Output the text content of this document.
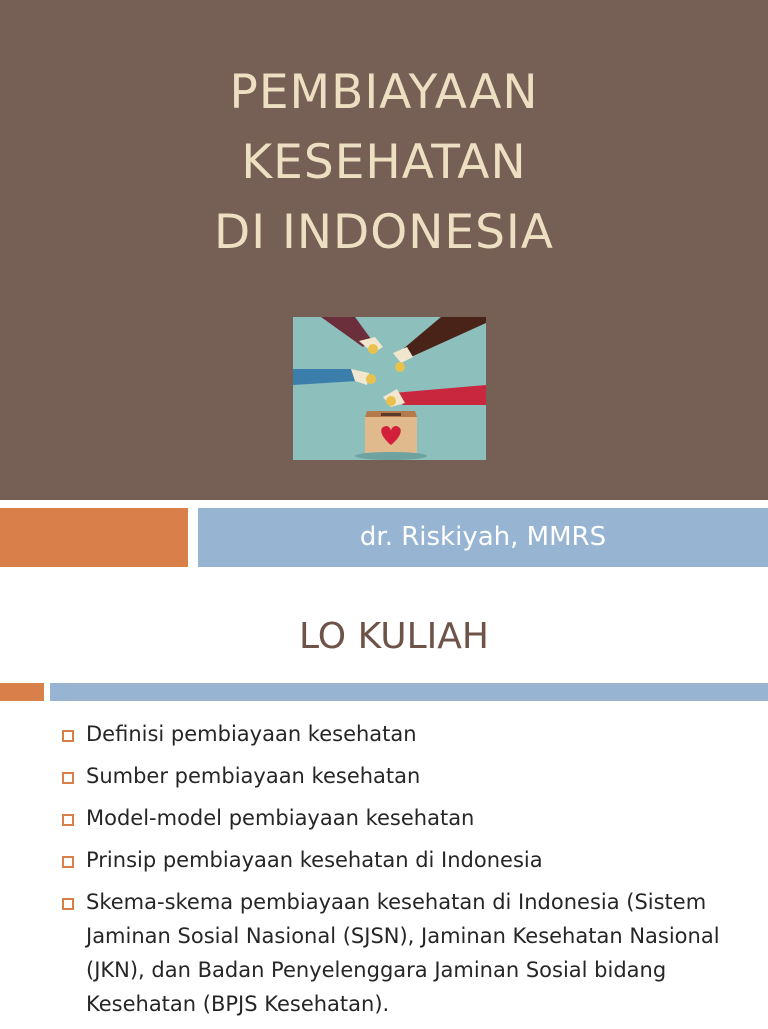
PEMBIAYAAN
KESEHATAN
DI INDONESIA
dr. Riskiyah, MMRS
LO KULIAH
Definisi pembiayaan kesehatan
Sumber pembiayaan kesehatan
Model-model pembiayaan kesehatan
Prinsip pembiayaan kesehatan di Indonesia
Skema-skema pembiayaan kesehatan di Indonesia (Sistem Jaminan Sosial Nasional (SJSN), Jaminan Kesehatan Nasional (JKN), dan Badan Penyelenggara Jaminan Sosial bidang Kesehatan (BPJS Kesehatan).
